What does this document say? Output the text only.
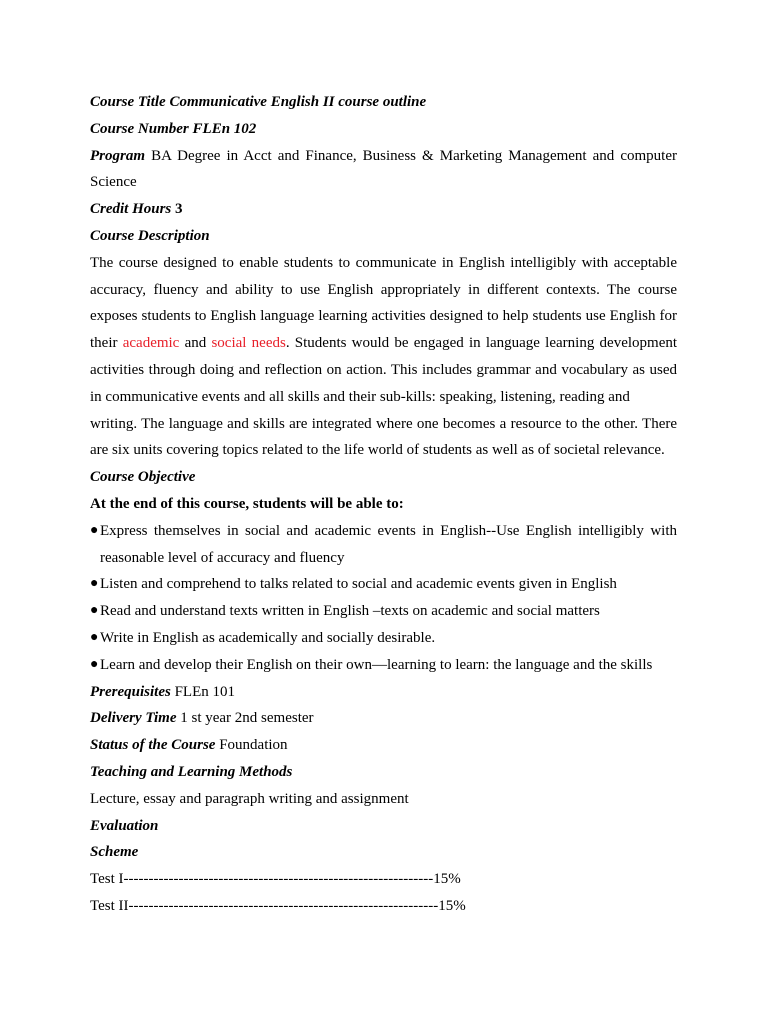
Course Title Communicative English II course outline

Course Number FLEn 102

Program BA Degree in Acct and Finance, Business & Marketing Management and computer Science

Credit Hours 3

Course Description

The course designed to enable students to communicate in English intelligibly with acceptable accuracy, fluency and ability to use English appropriately in different contexts. The course exposes students to English language learning activities designed to help students use English for their academic and social needs. Students would be engaged in language learning development activities through doing and reflection on action. This includes grammar and vocabulary as used in communicative events and all skills and their sub-kills: speaking, listening, reading and

writing. The language and skills are integrated where one becomes a resource to the other. There are six units covering topics related to the life world of students as well as of societal relevance.

Course Objective

At the end of this course, students will be able to:

● Express themselves in social and academic events in English--Use English intelligibly with reasonable level of accuracy and fluency
● Listen and comprehend to talks related to social and academic events given in English
● Read and understand texts written in English –texts on academic and social matters
● Write in English as academically and socially desirable.
● Learn and develop their English on their own—learning to learn: the language and the skills

Prerequisites FLEn 101

Delivery Time 1 st year 2nd semester

Status of the Course Foundation

Teaching and Learning Methods

Lecture, essay and paragraph writing and assignment

Evaluation

Scheme

Test I--------------------------------------------------------------15%

Test II--------------------------------------------------------------15%
